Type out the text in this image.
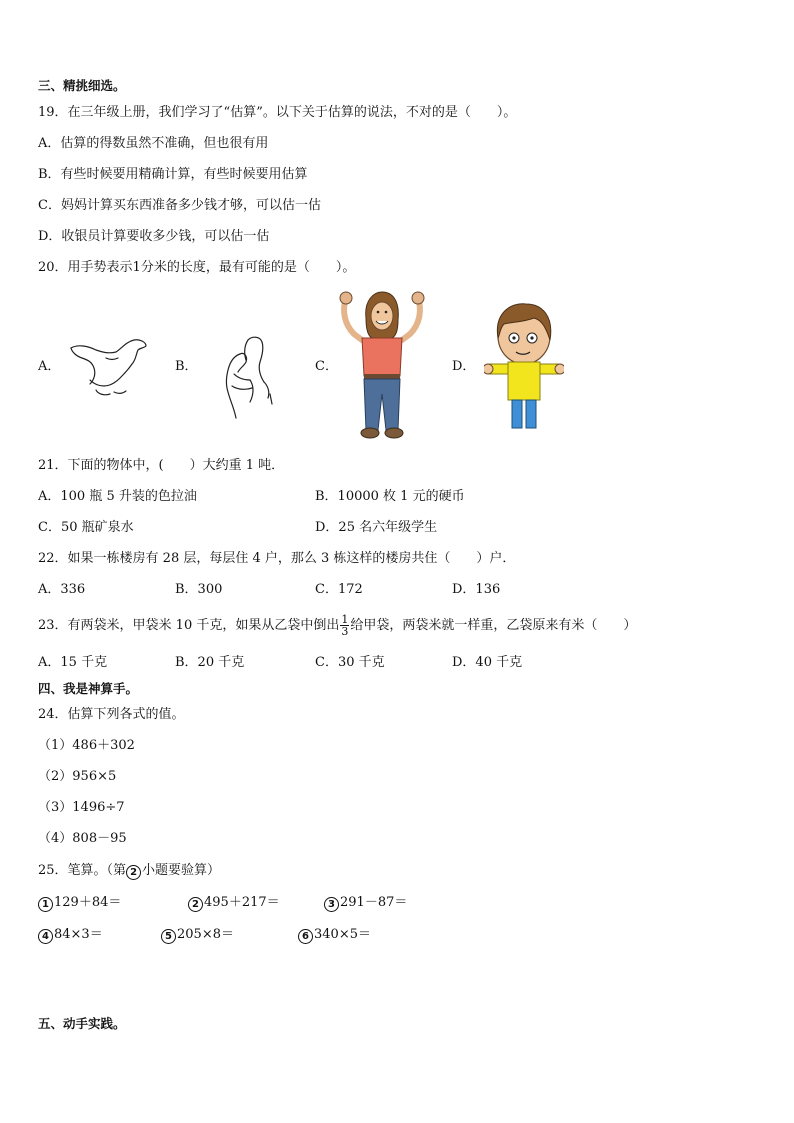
三、精挑细选。
19．在三年级上册，我们学习了“估算”。以下关于估算的说法，不对的是（　　）。
A．估算的得数虽然不准确，但也很有用
B．有些时候要用精确计算，有些时候要用估算
C．妈妈计算买东西准备多少钱才够，可以估一估
D．收银员计算要收多少钱，可以估一估
20．用手势表示1分米的长度，最有可能的是（　　）。
A．	B．	C．	D．
21．下面的物体中，(　　）大约重 1 吨．
A．100 瓶 5 升装的色拉油	B．10000 枚 1 元的硬币
C．50 瓶矿泉水	D．25 名六年级学生
22．如果一栋楼房有 28 层，每层住 4 户，那么 3 栋这样的楼房共住（　　）户．
A．336	B．300	C．172	D．136
23．有两袋米，甲袋米 10 千克，如果从乙袋中倒出 $\frac{1}{3}$ 给甲袋，两袋米就一样重，乙袋原来有米（　　）
A．15 千克	B．20 千克	C．30 千克	D．40 千克
四、我是神算手。
24．估算下列各式的值。
（1）486＋302
（2）956×5
（3）1496÷7
（4）808－95
25．笔算。（第 2 小题要验算）
1 129＋84＝	2 495＋217＝	3 291－87＝
4 84×3＝	5 205×8＝	6 340×5＝
五、动手实践。
